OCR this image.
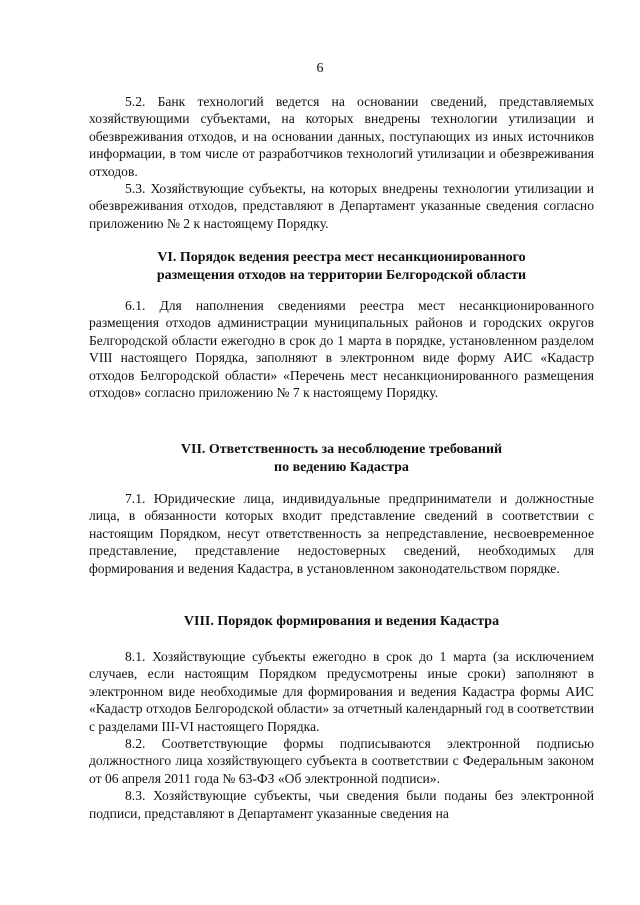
6

5.2. Банк технологий ведется на основании сведений, представляемых хозяйствующими субъектами, на которых внедрены технологии утилизации и обезвреживания отходов, и на основании данных, поступающих из иных источников информации, в том числе от разработчиков технологий утилизации и обезвреживания отходов.

5.3. Хозяйствующие субъекты, на которых внедрены технологии утилизации и обезвреживания отходов, представляют в Департамент указанные сведения согласно приложению № 2 к настоящему Порядку.

VI. Порядок ведения реестра мест несанкционированного

размещения отходов на территории Белгородской области

6.1. Для наполнения сведениями реестра мест несанкционированного размещения отходов администрации муниципальных районов и городских округов Белгородской области ежегодно в срок до 1 марта в порядке, установленном разделом VIII настоящего Порядка, заполняют в электронном виде форму АИС «Кадастр отходов Белгородской области» «Перечень мест несанкционированного размещения отходов» согласно приложению № 7 к настоящему Порядку.

VII. Ответственность за несоблюдение требований

по ведению Кадастра

7.1. Юридические лица, индивидуальные предприниматели и должностные лица, в обязанности которых входит представление сведений в соответствии с настоящим Порядком, несут ответственность за непредставление, несвоевременное представление, представление недостоверных сведений, необходимых для формирования и ведения Кадастра, в установленном законодательством порядке.

VIII. Порядок формирования и ведения Кадастра

8.1. Хозяйствующие субъекты ежегодно в срок до 1 марта (за исключением случаев, если настоящим Порядком предусмотрены иные сроки) заполняют в электронном виде необходимые для формирования и ведения Кадастра формы АИС «Кадастр отходов Белгородской области» за отчетный календарный год в соответствии с разделами III-VI настоящего Порядка.

8.2. Соответствующие формы подписываются электронной подписью должностного лица хозяйствующего субъекта в соответствии с Федеральным законом от 06 апреля 2011 года № 63-ФЗ «Об электронной подписи».

8.3. Хозяйствующие субъекты, чьи сведения были поданы без электронной подписи, представляют в Департамент указанные сведения на
